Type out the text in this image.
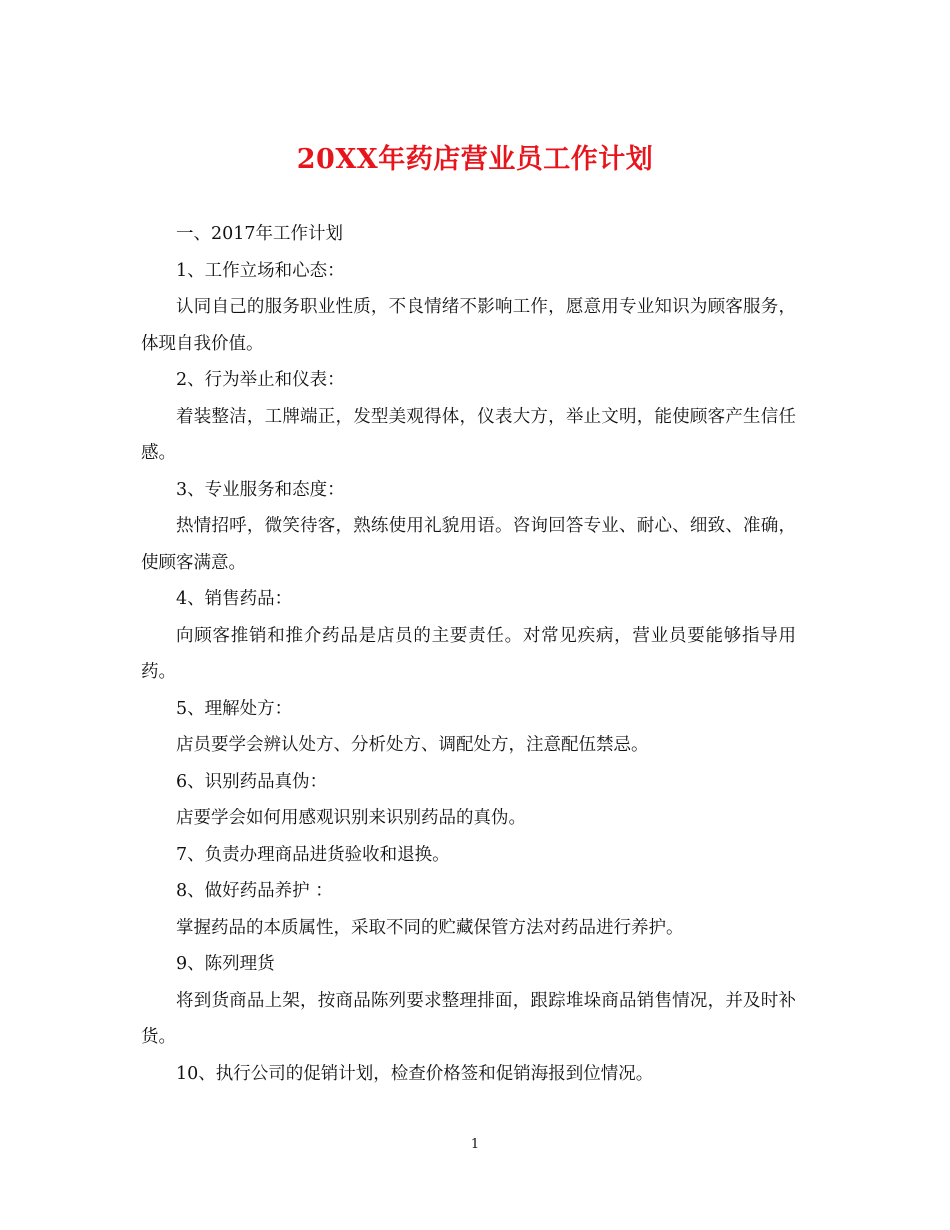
20XX年药店营业员工作计划

一、2017年工作计划

1、工作立场和心态：

认同自己的服务职业性质，不良情绪不影响工作，愿意用专业知识为顾客服务，体现自我价值。

2、行为举止和仪表：

着装整洁，工牌端正，发型美观得体，仪表大方，举止文明，能使顾客产生信任感。

3、专业服务和态度：

热情招呼，微笑待客，熟练使用礼貌用语。咨询回答专业、耐心、细致、准确，使顾客满意。

4、销售药品：

向顾客推销和推介药品是店员的主要责任。对常见疾病，营业员要能够指导用药。

5、理解处方：

店员要学会辨认处方、分析处方、调配处方，注意配伍禁忌。

6、识别药品真伪：

店要学会如何用感观识别来识别药品的真伪。

7、负责办理商品进货验收和退换。

8、做好药品养护 ：

掌握药品的本质属性，采取不同的贮藏保管方法对药品进行养护。

9、陈列理货

将到货商品上架，按商品陈列要求整理排面，跟踪堆垛商品销售情况，并及时补货。

10、执行公司的促销计划，检查价格签和促销海报到位情况。

1
